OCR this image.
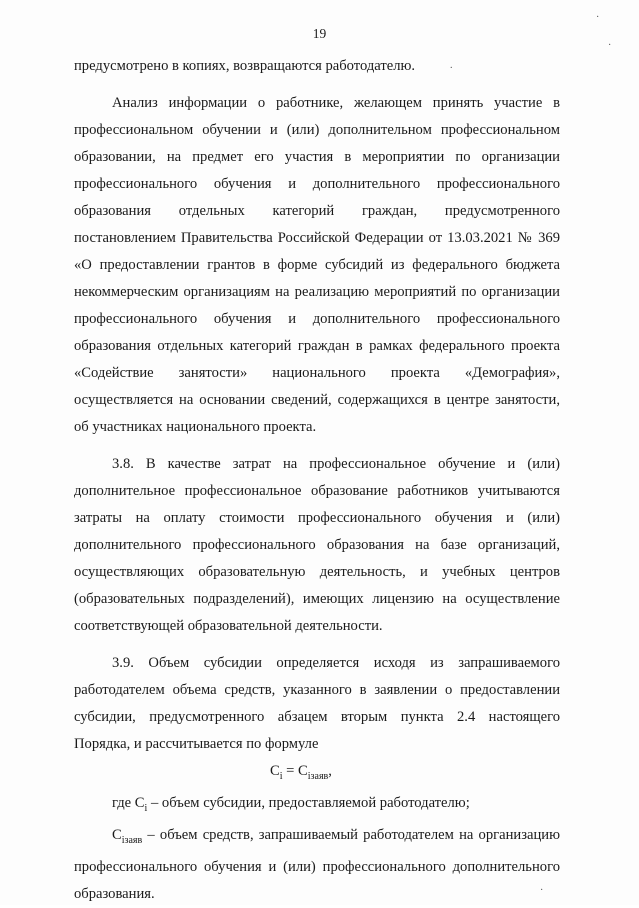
19
·
·
.
·

предусмотрено в копиях, возвращаются работодателю.

Анализ информации о работнике, желающем принять участие в профессиональном обучении и (или) дополнительном профессиональном образовании, на предмет его участия в мероприятии по организации профессионального обучения и дополнительного профессионального образования отдельных категорий граждан, предусмотренного постановлением Правительства Российской Федерации от 13.03.2021 № 369 «О предоставлении грантов в форме субсидий из федерального бюджета некоммерческим организациям на реализацию мероприятий по организации профессионального обучения и дополнительного профессионального образования отдельных категорий граждан в рамках федерального проекта «Содействие занятости» национального проекта «Демография», осуществляется на основании сведений, содержащихся в центре занятости, об участниках национального проекта.

3.8. В качестве затрат на профессиональное обучение и (или) дополнительное профессиональное образование работников учитываются затраты на оплату стоимости профессионального обучения и (или) дополнительного профессионального образования на базе организаций, осуществляющих образовательную деятельность, и учебных центров (образовательных подразделений), имеющих лицензию на осуществление соответствующей образовательной деятельности.

3.9. Объем субсидии определяется исходя из запрашиваемого работодателем объема средств, указанного в заявлении о предоставлении субсидии, предусмотренного абзацем вторым пункта 2.4 настоящего Порядка, и рассчитывается по формуле

$C_i = C_{iзаяв}$,

где $C_i$ – объем субсидии, предоставляемой работодателю;

$C_{iзаяв}$ – объем средств, запрашиваемый работодателем на организацию профессионального обучения и (или) профессионального дополнительного образования.
